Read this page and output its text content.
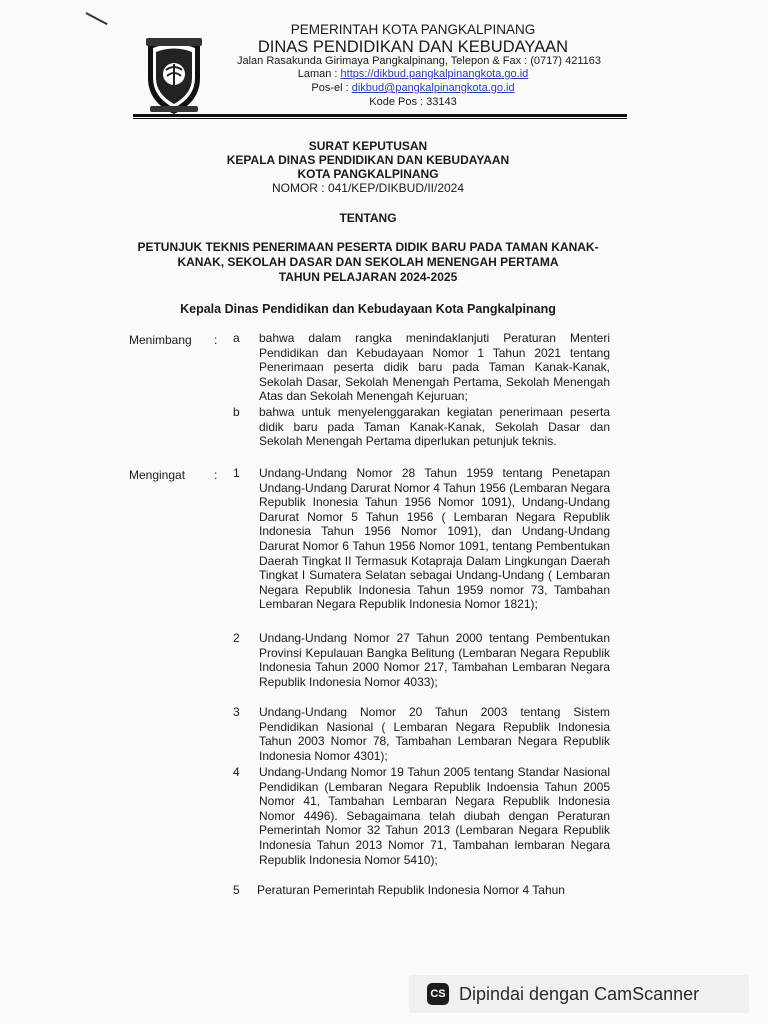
PEMERINTAH KOTA PANGKALPINANG
DINAS PENDIDIKAN DAN KEBUDAYAAN
Jalan Rasakunda Girimaya Pangkalpinang, Telepon & Fax : (0717) 421163
Laman : https://dikbud.pangkalpinangkota.go.id
Pos-el : dikbud@pangkalpinangkota.go.id
Kode Pos : 33143
SURAT KEPUTUSAN
KEPALA DINAS PENDIDIKAN DAN KEBUDAYAAN
KOTA PANGKALPINANG
NOMOR : 041/KEP/DIKBUD/II/2024
TENTANG
PETUNJUK TEKNIS PENERIMAAN PESERTA DIDIK BARU PADA TAMAN KANAK-
KANAK, SEKOLAH DASAR DAN SEKOLAH MENENGAH PERTAMA
TAHUN PELAJARAN 2024-2025
Kepala Dinas Pendidikan dan Kebudayaan Kota Pangkalpinang
Menimbang : a bahwa dalam rangka menindaklanjuti Peraturan Menteri Pendidikan dan Kebudayaan Nomor 1 Tahun 2021 tentang Penerimaan peserta didik baru pada Taman Kanak-Kanak, Sekolah Dasar, Sekolah Menengah Pertama, Sekolah Menengah Atas dan Sekolah Menengah Kejuruan;
b bahwa untuk menyelenggarakan kegiatan penerimaan peserta didik baru pada Taman Kanak-Kanak, Sekolah Dasar dan Sekolah Menengah Pertama diperlukan petunjuk teknis.
Mengingat : 1 Undang-Undang Nomor 28 Tahun 1959 tentang Penetapan Undang-Undang Darurat Nomor 4 Tahun 1956 (Lembaran Negara Republik Inonesia Tahun 1956 Nomor 1091), Undang-Undang Darurat Nomor 5 Tahun 1956 ( Lembaran Negara Republik Indonesia Tahun 1956 Nomor 1091), dan Undang-Undang Darurat Nomor 6 Tahun 1956 Nomor 1091, tentang Pembentukan Daerah Tingkat II Termasuk Kotapraja Dalam Lingkungan Daerah Tingkat I Sumatera Selatan sebagai Undang-Undang ( Lembaran Negara Republik Indonesia Tahun 1959 nomor 73, Tambahan Lembaran Negara Republik Indonesia Nomor 1821);
2 Undang-Undang Nomor 27 Tahun 2000 tentang Pembentukan Provinsi Kepulauan Bangka Belitung (Lembaran Negara Republik Indonesia Tahun 2000 Nomor 217, Tambahan Lembaran Negara Republik Indonesia Nomor 4033);
3 Undang-Undang Nomor 20 Tahun 2003 tentang Sistem Pendidikan Nasional ( Lembaran Negara Republik Indonesia Tahun 2003 Nomor 78, Tambahan Lembaran Negara Republik Indonesia Nomor 4301);
4 Undang-Undang Nomor 19 Tahun 2005 tentang Standar Nasional Pendidikan (Lembaran Negara Republik Indoensia Tahun 2005 Nomor 41, Tambahan Lembaran Negara Republik Indonesia Nomor 4496). Sebagaimana telah diubah dengan Peraturan Pemerintah Nomor 32 Tahun 2013 (Lembaran Negara Republik Indonesia Tahun 2013 Nomor 71, Tambahan lembaran Negara Republik Indonesia Nomor 5410);
5 Peraturan Pemerintah Republik Indonesia Nomor 4 Tahun
CS Dipindai dengan CamScanner
